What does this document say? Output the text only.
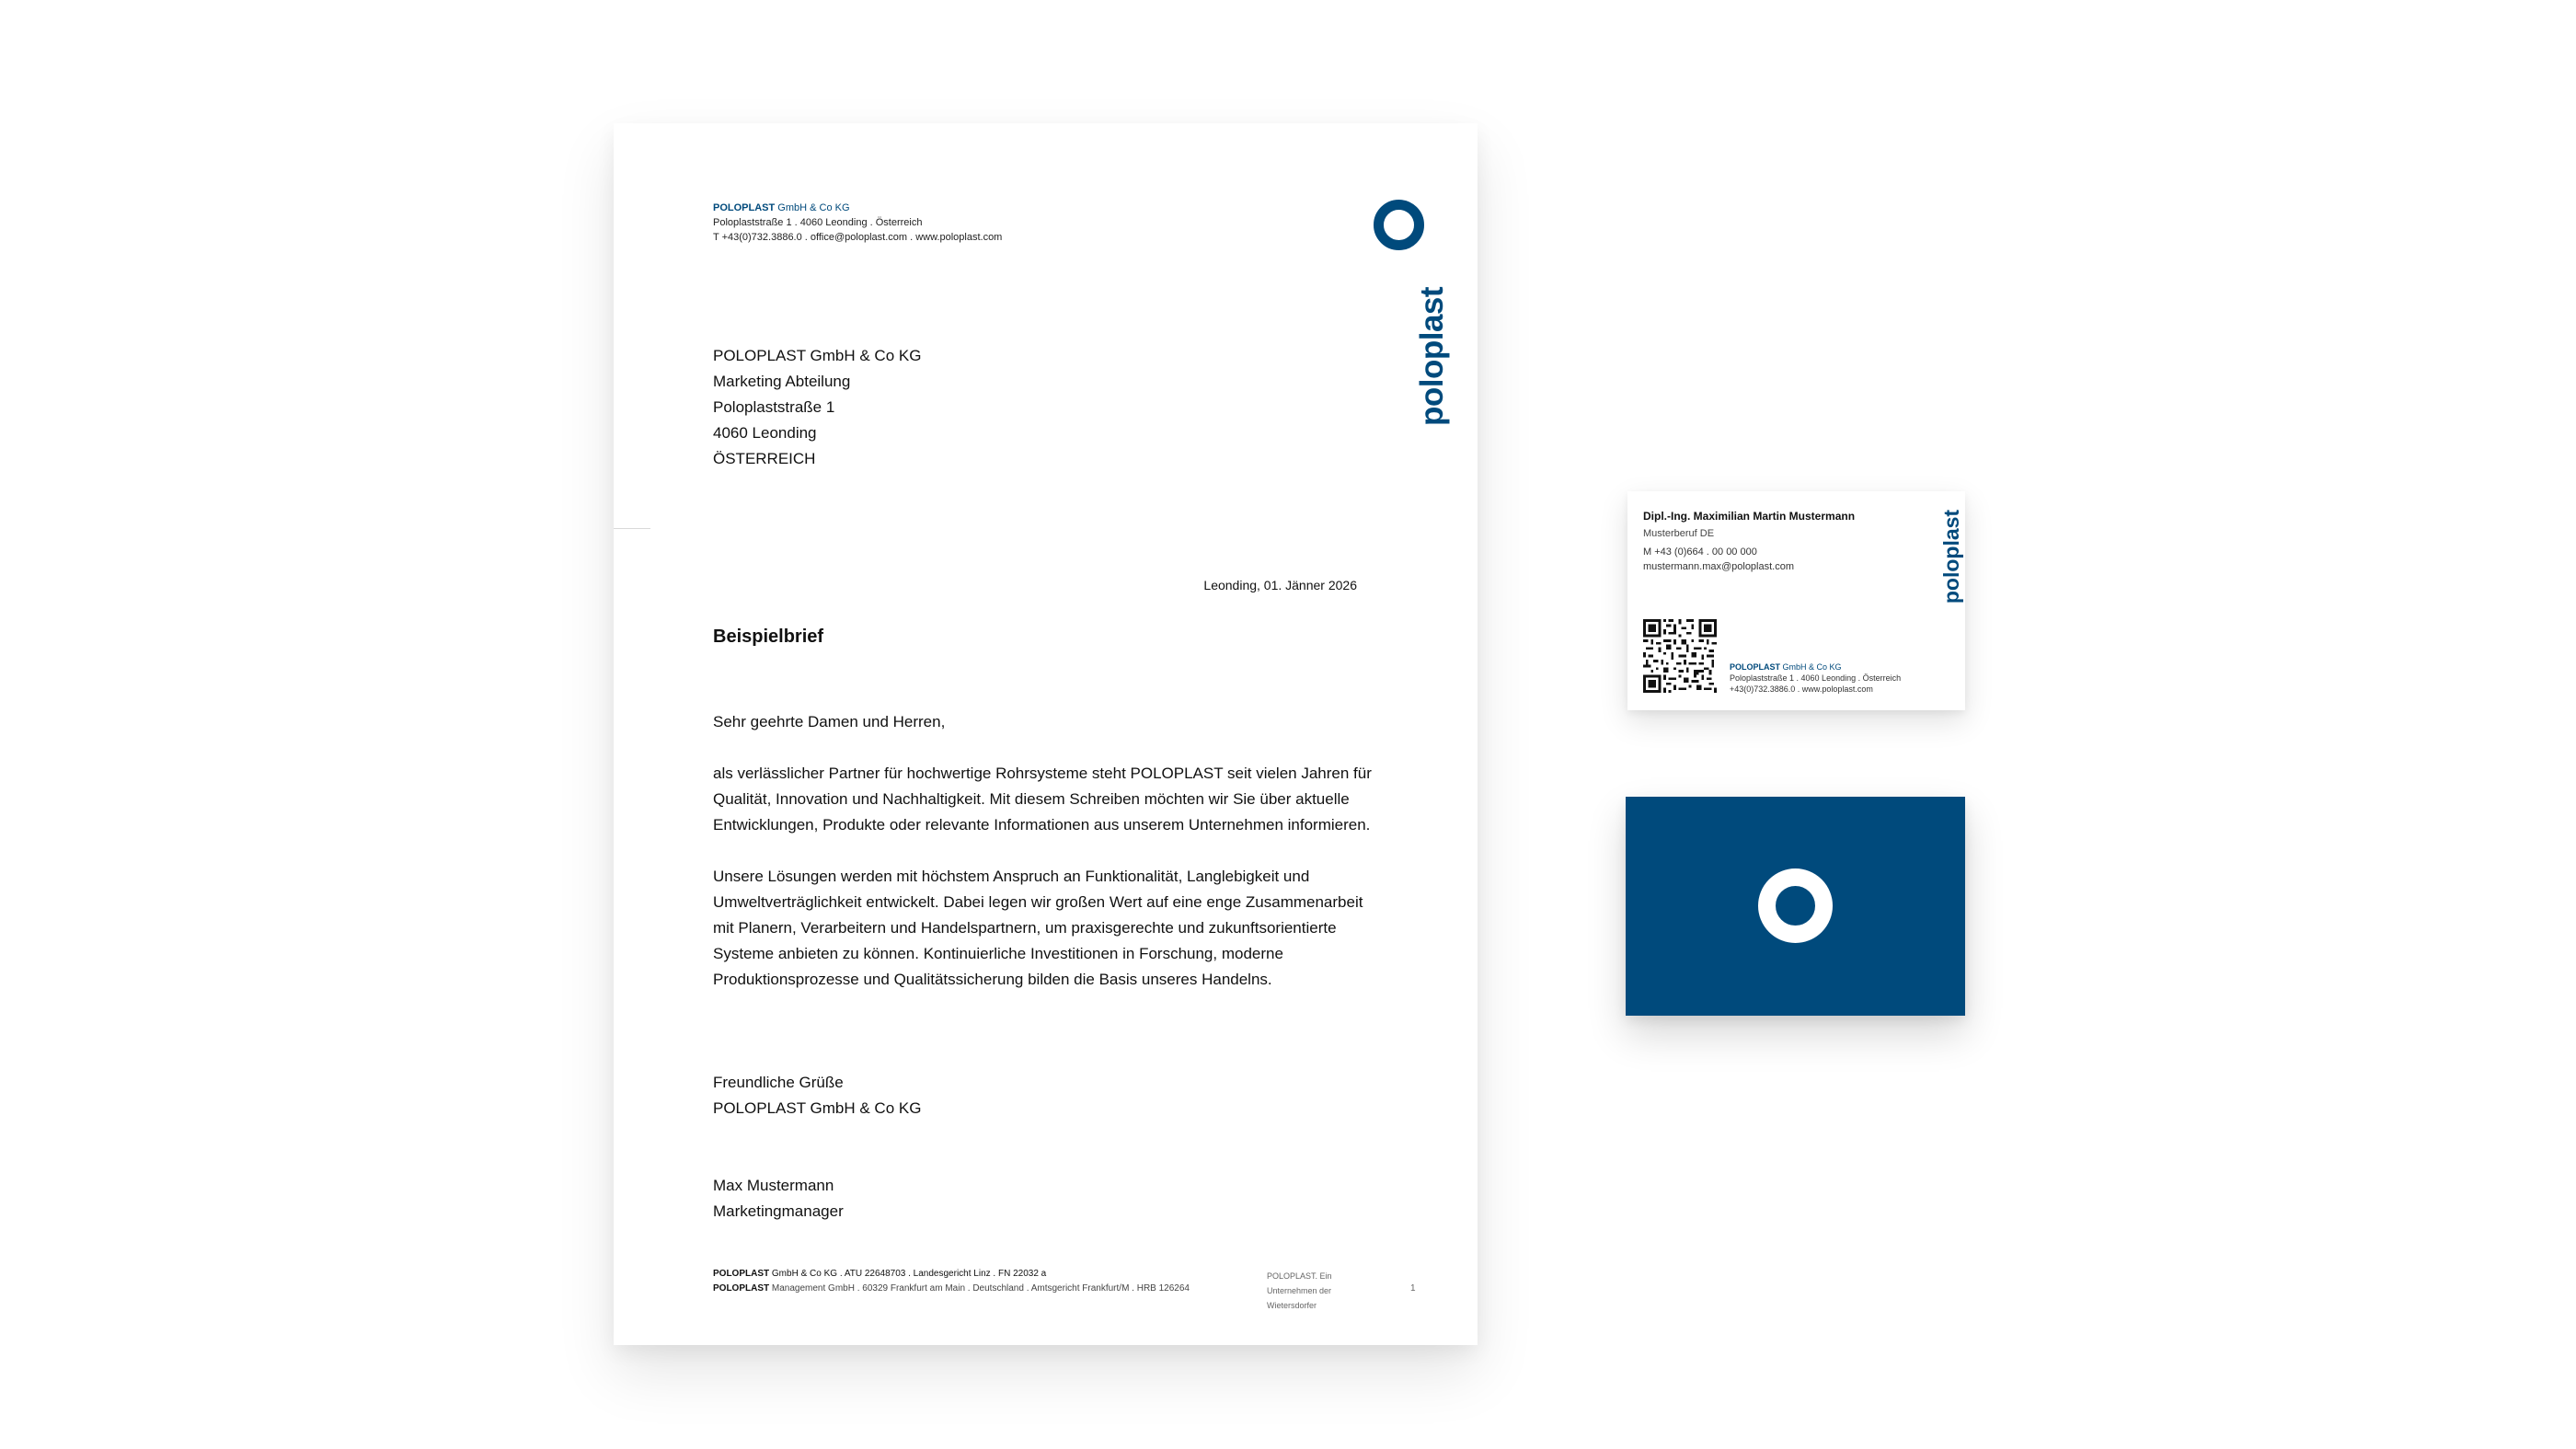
POLOPLAST GmbH & Co KG
Poloplaststraße 1 . 4060 Leonding . Österreich
T +43(0)732.3886.0 . office@poloplast.com . www.poloplast.com
poloplast
POLOPLAST GmbH & Co KG
Marketing Abteilung
Poloplaststraße 1
4060 Leonding
ÖSTERREICH
Leonding, 01. Jänner 2026
Beispielbrief

Sehr geehrte Damen und Herren,

als verlässlicher Partner für hochwertige Rohrsysteme steht POLOPLAST seit vielen Jahren für Qualität, Innovation und Nachhaltigkeit. Mit diesem Schreiben möchten wir Sie über aktuelle Entwicklungen, Produkte oder relevante Informationen aus unserem Unternehmen informieren.

Unsere Lösungen werden mit höchstem Anspruch an Funktionalität, Langlebigkeit und Umweltverträglichkeit entwickelt. Dabei legen wir großen Wert auf eine enge Zusammenarbeit mit Planern, Verarbeitern und Handelspartnern, um praxisgerechte und zukunftsorientierte Systeme anbieten zu können. Kontinuierliche Investitionen in Forschung, moderne Produktionsprozesse und Qualitätssicherung bilden die Basis unseres Handelns.

Freundliche Grüße
POLOPLAST GmbH & Co KG
Max Mustermann
Marketingmanager
POLOPLAST GmbH & Co KG . ATU 22648703 . Landesgericht Linz . FN 22032 a
POLOPLAST Management GmbH . 60329 Frankfurt am Main . Deutschland . Amtsgericht Frankfurt/M . HRB 126264
POLOPLAST. Ein Unternehmen der Wietersdorfer
1
Dipl.-Ing. Maximilian Martin Mustermann
Musterberuf DE
M +43 (0)664 . 00 00 000
mustermann.max@poloplast.com	poloplast
POLOPLAST GmbH & Co KG
Poloplaststraße 1 . 4060 Leonding . Österreich
+43(0)732.3886.0 . www.poloplast.com
